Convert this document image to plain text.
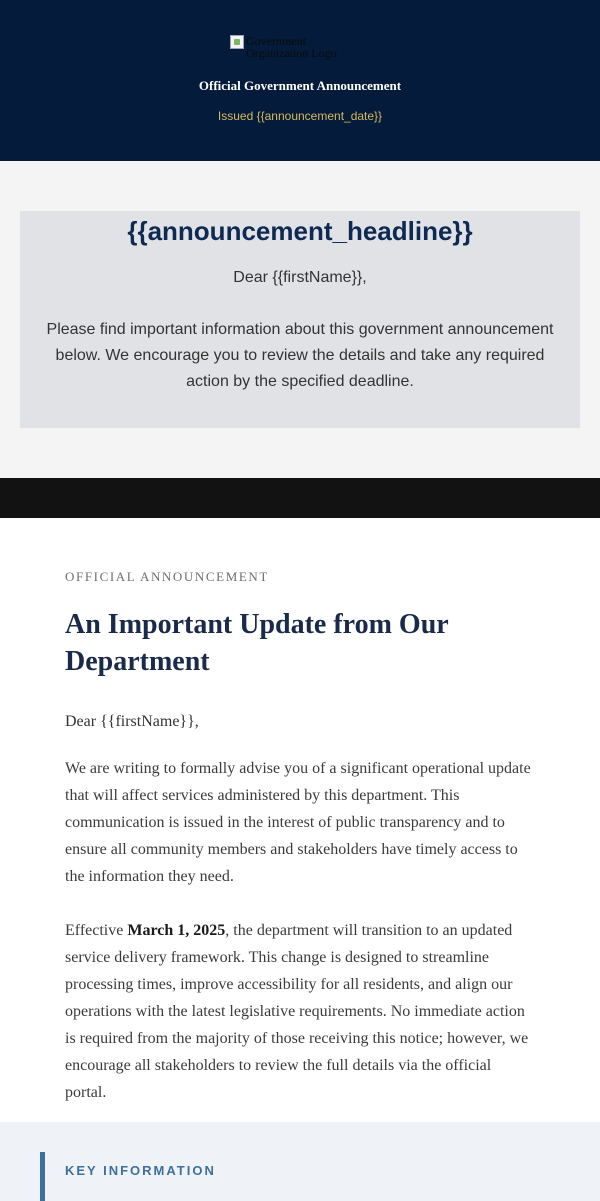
Government Organization Logo
Official Government Announcement
Issued {{announcement_date}}
{{announcement_headline}}

Dear {{firstName}},

Please find important information about this government announcement below. We encourage you to review the details and take any required action by the specified deadline.

OFFICIAL ANNOUNCEMENT

An Important Update from Our Department

Dear {{firstName}},

We are writing to formally advise you of a significant operational update that will affect services administered by this department. This communication is issued in the interest of public transparency and to ensure all community members and stakeholders have timely access to the information they need.

Effective March 1, 2025, the department will transition to an updated service delivery framework. This change is designed to streamline processing times, improve accessibility for all residents, and align our operations with the latest legislative requirements. No immediate action is required from the majority of those receiving this notice; however, we encourage all stakeholders to review the full details via the official portal.

KEY INFORMATION
